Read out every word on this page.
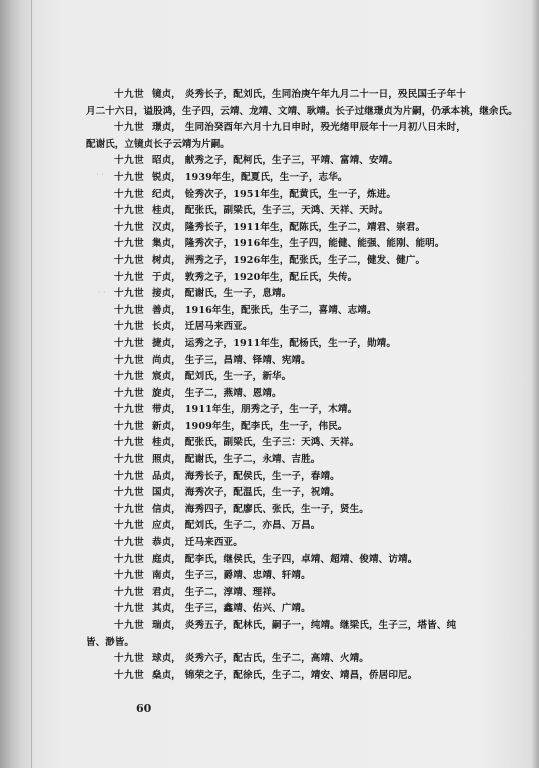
· ·
· ·

十九世 镜贞， 炎秀长子，配刘氏，生同治庚午年九月二十一日，殁民国壬子年十
月二十六日，谥股鸿，生子四，云靖、龙靖、文靖、耿靖。长子过继璟贞为片嗣，仍承本祧，继余氏。

十九世 璟贞， 生同治癸酉年六月十九日申时，殁光绪甲辰年十一月初八日未时，
配谢氏，立镜贞长子云靖为片嗣。

十九世 昭贞， 献秀之子，配柯氏，生子三，平靖、富靖、安靖。

十九世 锐贞， 1939年生，配夏氏，生一子，志华。

十九世 纪贞， 铨秀次子，1951年生，配黄氏，生一子，炼进。

十九世 桂贞， 配张氏，副梁氏，生子三，天鸿、天祥、天时。

十九世 汉贞， 隆秀长子，1911年生，配陈氏，生子二，靖君、崇君。

十九世 集贞， 隆秀次子，1916年生，生子四，能健、能强、能刚、能明。

十九世 树贞， 洲秀之子，1926年生，配张氏，生子二，健发、健广。

十九世 于贞， 敦秀之子，1920年生，配丘氏，失传。

十九世 接贞， 配谢氏，生一子，息靖。

十九世 善贞， 1916年生，配张氏，生子二，喜靖、志靖。

十九世 长贞， 迁居马来西亚。

十九世 捷贞， 运秀之子，1911年生，配杨氏，生一子，勋靖。

十九世 尚贞， 生子三，昌靖、铎靖、宪靖。

十九世 宸贞， 配刘氏，生一子，新华。

十九世 旋贞， 生子二，燕靖、恩靖。

十九世 带贞， 1911年生，朋秀之子，生一子，木靖。

十九世 新贞， 1909年生，配李氏，生一子，伟民。

十九世 桂贞， 配张氏，副梁氏，生子三：天鸿、天祥。

十九世 照贞， 配谢氏，生子二，永靖、吉胜。

十九世 品贞， 海秀长子，配侯氏，生一子，春靖。

十九世 国贞， 海秀次子，配温氏，生一子，祝靖。

十九世 信贞， 海秀四子，配廖氏、张氏，生一子，贤生。

十九世 应贞， 配刘氏，生子二，亦昌、万昌。

十九世 恭贞， 迁马来西亚。

十九世 庭贞， 配李氏，继侯氏，生子四，卓靖、超靖、俊靖、访靖。

十九世 南贞， 生子三，爵靖、忠靖、轩靖。

十九世 君贞， 生子二，淳靖、理祥。

十九世 其贞， 生子三，鑫靖、佑兴、广靖。

十九世 瑞贞， 炎秀五子，配林氏，嗣子一，纯靖。继梁氏，生子三，塔皆、纯
皆、渺皆。

十九世 球贞， 炎秀六子，配古氏，生子二，高靖、火靖。

十九世 燊贞， 锦荣之子，配徐氏，生子二，靖安、靖昌，侨居印尼。

60
